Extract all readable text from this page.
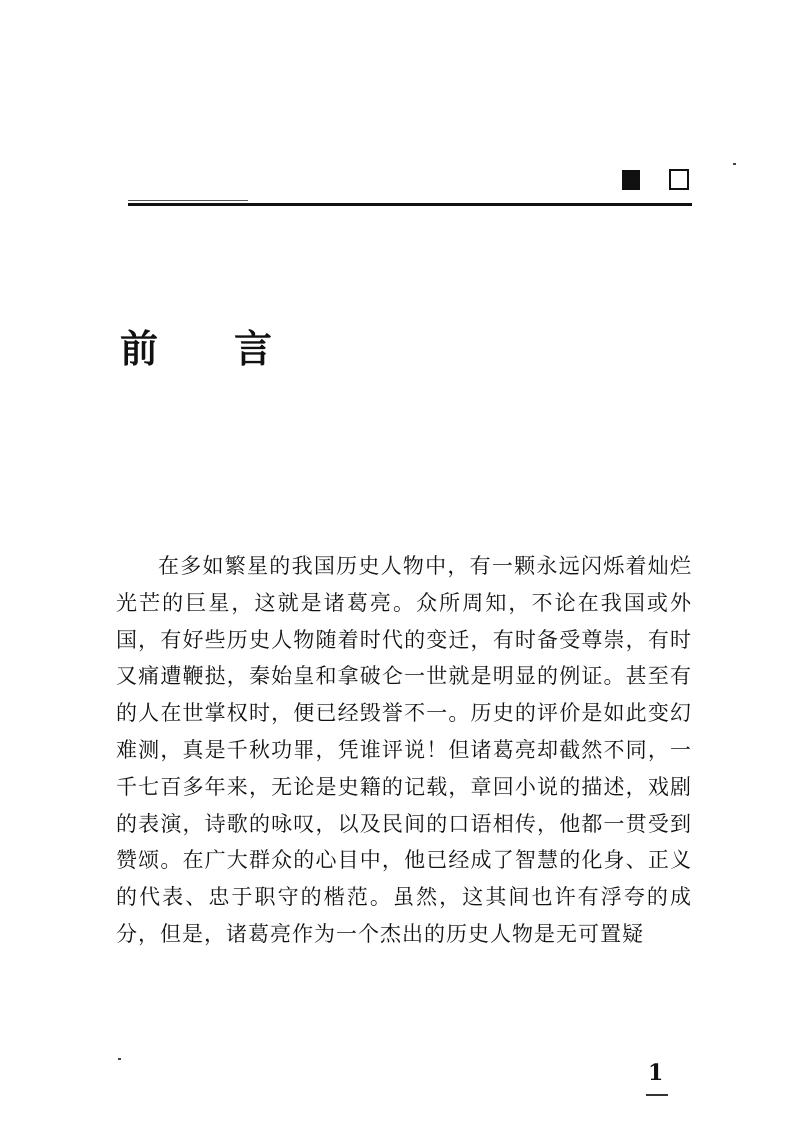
前言

在多如繁星的我国历史人物中，有一颗永远闪烁着灿烂光芒的巨星，这就是诸葛亮。众所周知，不论在我国或外国，有好些历史人物随着时代的变迁，有时备受尊崇，有时又痛遭鞭挞，秦始皇和拿破仑一世就是明显的例证。甚至有的人在世掌权时，便已经毁誉不一。历史的评价是如此变幻难测，真是千秋功罪，凭谁评说！但诸葛亮却截然不同，一千七百多年来，无论是史籍的记载，章回小说的描述，戏剧的表演，诗歌的咏叹，以及民间的口语相传，他都一贯受到赞颂。在广大群众的心目中，他已经成了智慧的化身、正义的代表、忠于职守的楷范。虽然，这其间也许有浮夸的成分，但是，诸葛亮作为一个杰出的历史人物是无可置疑

1
